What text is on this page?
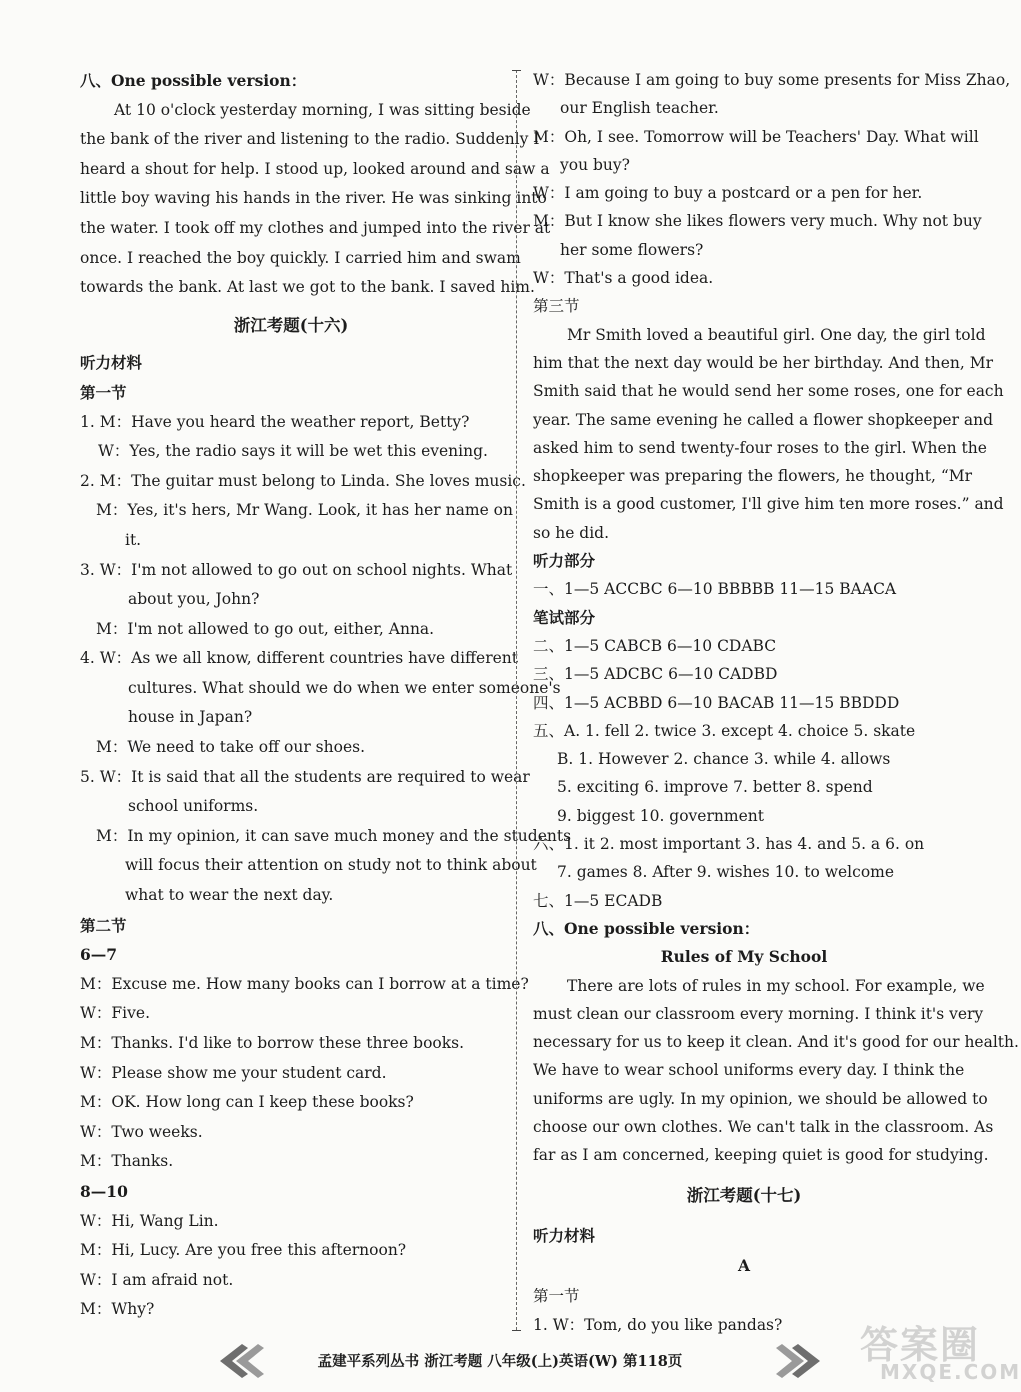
八、One possible version：
At 10 o'clock yesterday morning, I was sitting beside
the bank of the river and listening to the radio. Suddenly I
heard a shout for help. I stood up, looked around and saw a
little boy waving his hands in the river. He was sinking into
the water. I took off my clothes and jumped into the river at
once. I reached the boy quickly. I carried him and swam
towards the bank. At last we got to the bank. I saved him.
浙江考题(十六)
听力材料
第一节
1. M：Have you heard the weather report, Betty?
W：Yes, the radio says it will be wet this evening.
2. M：The guitar must belong to Linda. She loves music.
M：Yes, it's hers, Mr Wang. Look, it has her name on
it.
3. W：I'm not allowed to go out on school nights. What
about you, John?
M：I'm not allowed to go out, either, Anna.
4. W：As we all know, different countries have different
cultures. What should we do when we enter someone's
house in Japan?
M：We need to take off our shoes.
5. W：It is said that all the students are required to wear
school uniforms.
M：In my opinion, it can save much money and the students
will focus their attention on study not to think about
what to wear the next day.
第二节
6—7
M：Excuse me. How many books can I borrow at a time?
W：Five.
M：Thanks. I'd like to borrow these three books.
W：Please show me your student card.
M：OK. How long can I keep these books?
W：Two weeks.
M：Thanks.
8—10
W：Hi, Wang Lin.
M：Hi, Lucy. Are you free this afternoon?
W：I am afraid not.
M：Why?
W：Because I am going to buy some presents for Miss Zhao,
our English teacher.
M：Oh, I see. Tomorrow will be Teachers' Day. What will
you buy?
W：I am going to buy a postcard or a pen for her.
M：But I know she likes flowers very much. Why not buy
her some flowers?
W：That's a good idea.
第三节
Mr Smith loved a beautiful girl. One day, the girl told
him that the next day would be her birthday. And then, Mr
Smith said that he would send her some roses, one for each
year. The same evening he called a flower shopkeeper and
asked him to send twenty-four roses to the girl. When the
shopkeeper was preparing the flowers, he thought, “Mr
Smith is a good customer, I'll give him ten more roses.” and
so he did.
听力部分
一、1—5 ACCBC 6—10 BBBBB 11—15 BAACA
笔试部分
二、1—5 CABCB 6—10 CDABC
三、1—5 ADCBC 6—10 CADBD
四、1—5 ACBBD 6—10 BACAB 11—15 BBDDD
五、A. 1. fell 2. twice 3. except 4. choice 5. skate
B. 1. However 2. chance 3. while 4. allows
5. exciting 6. improve 7. better 8. spend
9. biggest 10. government
六、1. it 2. most important 3. has 4. and 5. a 6. on
7. games 8. After 9. wishes 10. to welcome
七、1—5 ECADB
八、One possible version：
Rules of My School
There are lots of rules in my school. For example, we
must clean our classroom every morning. I think it's very
necessary for us to keep it clean. And it's good for our health.
We have to wear school uniforms every day. I think the
uniforms are ugly. In my opinion, we should be allowed to
choose our own clothes. We can't talk in the classroom. As
far as I am concerned, keeping quiet is good for studying.
浙江考题(十七)
听力材料
A
第一节
1. W：Tom, do you like pandas?
孟建平系列丛书 浙江考题 八年级(上)英语(W) 第118页	答案圈
MXQE.COM
